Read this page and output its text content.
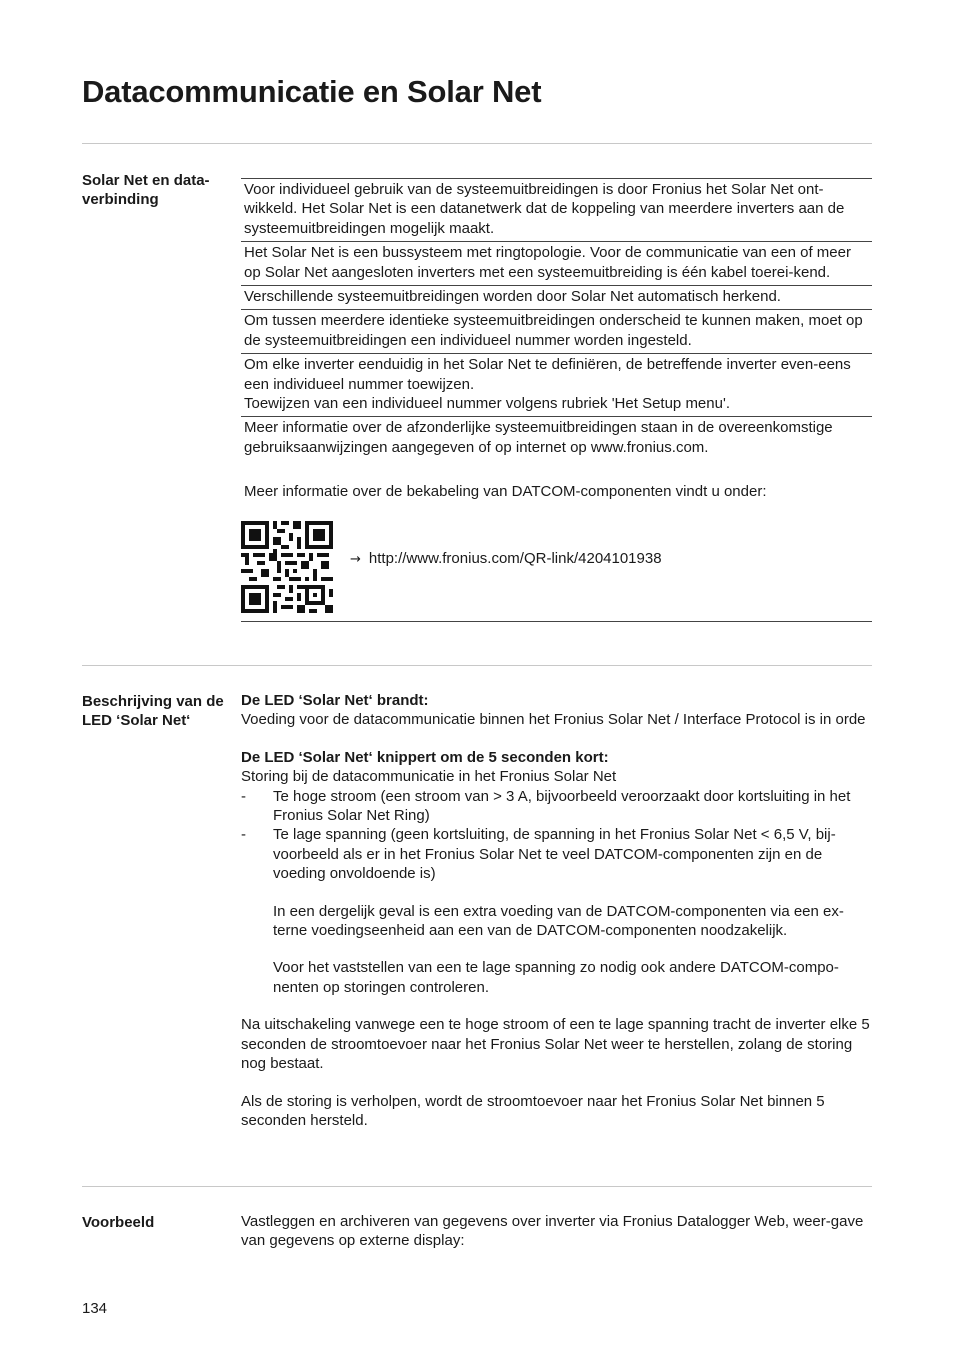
Datacommunicatie en Solar Net
Solar Net en data-verbinding
Voor individueel gebruik van de systeemuitbreidingen is door Fronius het Solar Net ont-wikkeld. Het Solar Net is een datanetwerk dat de koppeling van meerdere inverters aan de systeemuitbreidingen mogelijk maakt.
Het Solar Net is een bussysteem met ringtopologie. Voor de communicatie van een of meer op Solar Net aangesloten inverters met een systeemuitbreiding is één kabel toerei-kend.
Verschillende systeemuitbreidingen worden door Solar Net automatisch herkend.
Om tussen meerdere identieke systeemuitbreidingen onderscheid te kunnen maken, moet op de systeemuitbreidingen een individueel nummer worden ingesteld.
Om elke inverter eenduidig in het Solar Net te definiëren, de betreffende inverter even-eens een individueel nummer toewijzen.
Toewijzen van een individueel nummer volgens rubriek 'Het Setup menu'.
Meer informatie over de afzonderlijke systeemuitbreidingen staan in de overeenkomstige gebruiksaanwijzingen aangegeven of op internet op www.fronius.com.
Meer informatie over de bekabeling van DATCOM-componenten vindt u onder:
→ http://www.fronius.com/QR-link/4204101938
Beschrijving van de LED ‘Solar Net‘

De LED ‘Solar Net‘ brandt:

Voeding voor de datacommunicatie binnen het Fronius Solar Net / Interface Protocol is in orde

De LED ‘Solar Net‘ knippert om de 5 seconden kort:

Storing bij de datacommunicatie in het Fronius Solar Net

- Te hoge stroom (een stroom van > 3 A, bijvoorbeeld veroorzaakt door kortsluiting in het Fronius Solar Net Ring)
- Te lage spanning (geen kortsluiting, de spanning in het Fronius Solar Net < 6,5 V, bij-voorbeeld als er in het Fronius Solar Net te veel DATCOM-componenten zijn en de voeding onvoldoende is)

In een dergelijk geval is een extra voeding van de DATCOM-componenten via een ex-terne voedingseenheid aan een van de DATCOM-componenten noodzakelijk.

Voor het vaststellen van een te lage spanning zo nodig ook andere DATCOM-compo-nenten op storingen controleren.

Na uitschakeling vanwege een te hoge stroom of een te lage spanning tracht de inverter elke 5 seconden de stroomtoevoer naar het Fronius Solar Net weer te herstellen, zolang de storing nog bestaat.

Als de storing is verholpen, wordt de stroomtoevoer naar het Fronius Solar Net binnen 5 seconden hersteld.

Voorbeeld	Vastleggen en archiveren van gegevens over inverter via Fronius Datalogger Web, weer-gave van gegevens op externe display:
134
